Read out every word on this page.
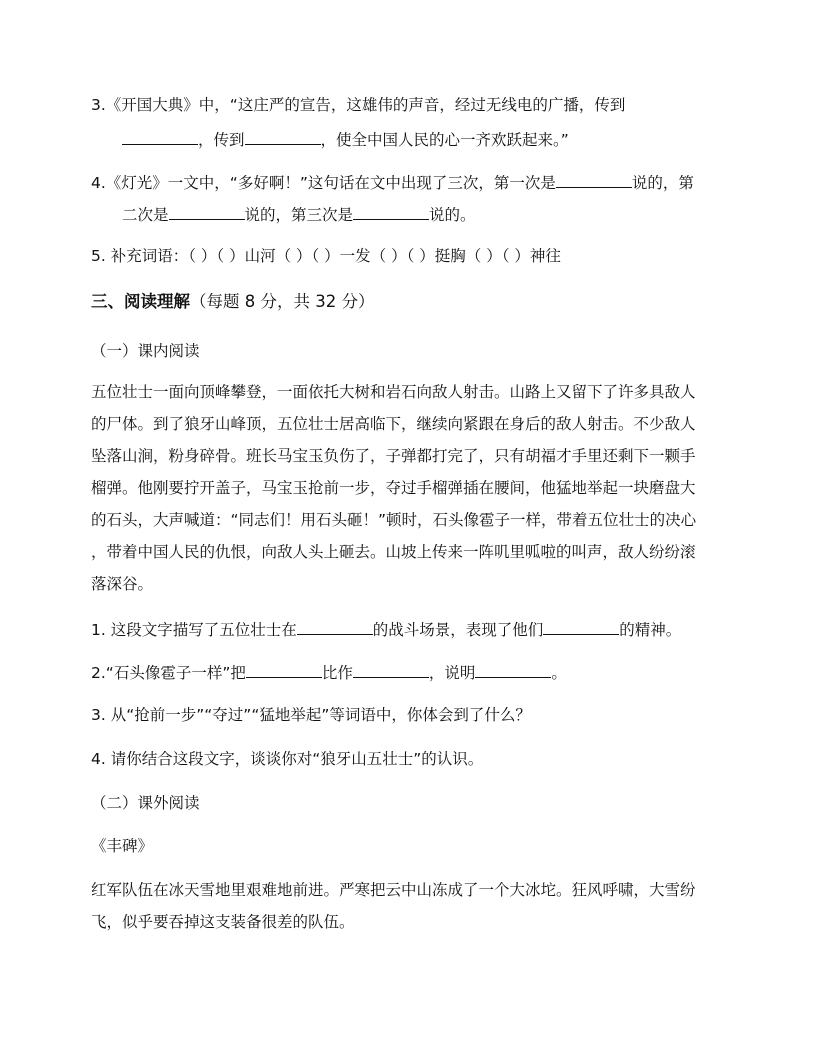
3.《开国大典》中，“这庄严的宣告，这雄伟的声音，经过无线电的广播，传到
，传到	，使全中国人民的心一齐欢跃起来。”
4.《灯光》一文中，“多好啊！”这句话在文中出现了三次，第一次是	说的，第
二次是	说的，第三次是	说的。
5. 补充词语：（ ）（ ）山河（ ）（ ）一发（ ）（ ）挺胸（ ）（ ）神往
三、阅读理解（每题 8 分，共 32 分）
（一）课内阅读
五位壮士一面向顶峰攀登，一面依托大树和岩石向敌人射击。山路上又留下了许多具敌人
的尸体。到了狼牙山峰顶，五位壮士居高临下，继续向紧跟在身后的敌人射击。不少敌人
坠落山涧，粉身碎骨。班长马宝玉负伤了，子弹都打完了，只有胡福才手里还剩下一颗手
榴弹。他刚要拧开盖子，马宝玉抢前一步，夺过手榴弹插在腰间，他猛地举起一块磨盘大
的石头，大声喊道：“同志们！用石头砸！”顿时，石头像雹子一样，带着五位壮士的决心
，带着中国人民的仇恨，向敌人头上砸去。山坡上传来一阵叽里呱啦的叫声，敌人纷纷滚
落深谷。
1. 这段文字描写了五位壮士在	的战斗场景，表现了他们	的精神。
2.“石头像雹子一样”把	比作	，说明	。
3. 从“抢前一步”“夺过”“猛地举起”等词语中，你体会到了什么？
4. 请你结合这段文字，谈谈你对“狼牙山五壮士”的认识。
（二）课外阅读
《丰碑》
红军队伍在冰天雪地里艰难地前进。严寒把云中山冻成了一个大冰坨。狂风呼啸，大雪纷
飞，似乎要吞掉这支装备很差的队伍。
